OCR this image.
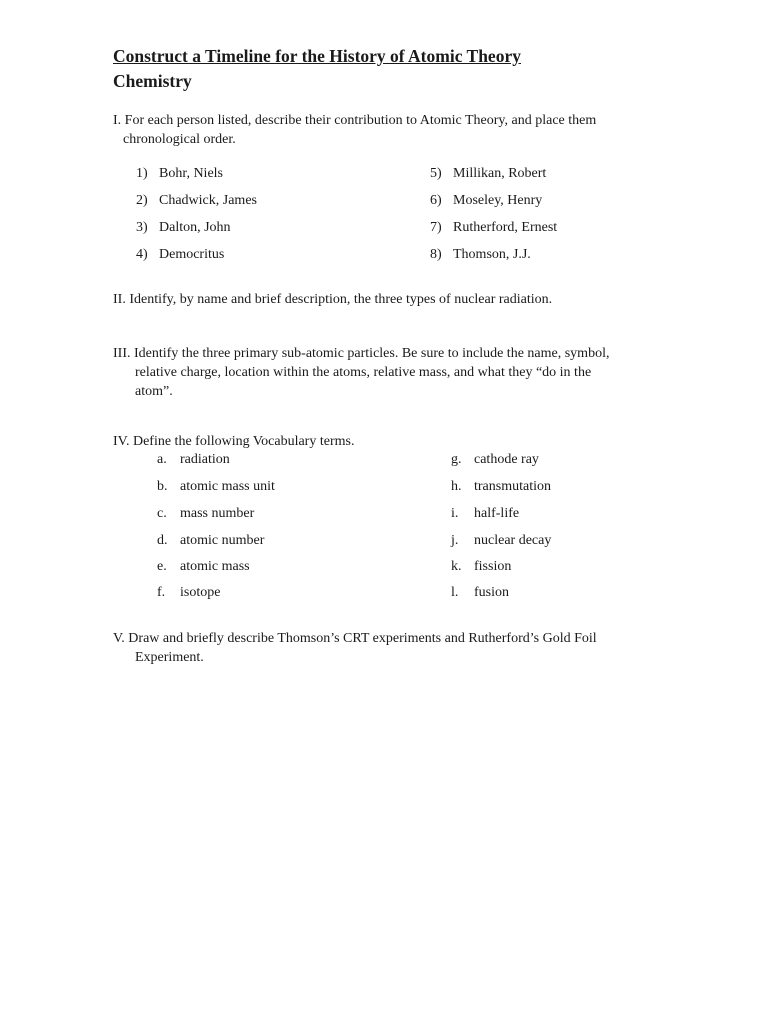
Construct a Timeline for the History of Atomic Theory
Chemistry
I. For each person listed, describe their contribution to Atomic Theory, and place them
chronological order.
1) Bohr, Niels
2) Chadwick, James
3) Dalton, John
4) Democritus
5) Millikan, Robert
6) Moseley, Henry
7) Rutherford, Ernest
8) Thomson, J.J.
II. Identify, by name and brief description, the three types of nuclear radiation.
III. Identify the three primary sub-atomic particles. Be sure to include the name, symbol,
relative charge, location within the atoms, relative mass, and what they “do in the
atom”.
IV. Define the following Vocabulary terms.
a. radiation
b. atomic mass unit
c. mass number
d. atomic number
e. atomic mass
f. isotope
g. cathode ray
h. transmutation
i. half-life
j. nuclear decay
k. fission
l. fusion
V. Draw and briefly describe Thomson’s CRT experiments and Rutherford’s Gold Foil
Experiment.
